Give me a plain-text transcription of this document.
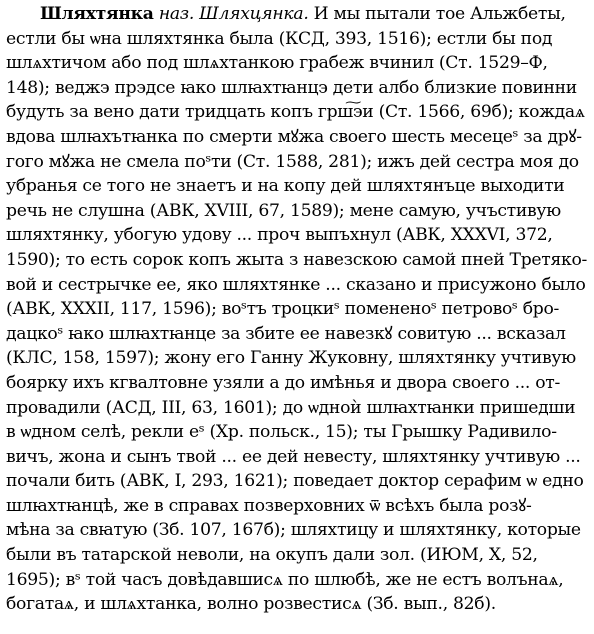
Шляхтянка наз. Шляхцянка. И мы пытали тое Альжбеты,
естли бы ѡна шляхтянка была (КСД, 393, 1516); естли бы под
шлѧхтичом або под шлѧхтанкою грабеж вчинил (Ст. 1529–Ф,
148); веджэ прэдсе ꙗко шлꙗхтꙗнцэ дети албо близкие повинни
будуть за вено дати тридцать копъ грш͠эи (Ст. 1566, 69б); кождаѧ
вдова шлꙗхътꙗнка по смерти мꙋжа своего шесть месецеˢ за дрꙋ-
гого мꙋжа не смела поˢти (Ст. 1588, 281); ижъ дей сестра моя до
убранья се того не знаетъ и на копу дей шляхтянъце выходити
речь не слушна (АВК, XVIII, 67, 1589); мене самую, учъстивую
шляхтянку, убогую удову ... проч выпъхнул (АВК, XXXVI, 372,
1590); то есть сорок копъ жыта з навезскою самой пней Третяко-
вой и сестрычке ее, яко шляхтянке ... сказано и присужоно было
(АВК, XXXII, 117, 1596); воˢтъ троцкиˢ помененоˢ петровоˢ бро-
дацкоˢ ꙗко шлꙗхтꙗнце за збите ее навезкꙋ совитую ... всказал
(КЛС, 158, 1597); жону его Ганну Жуковну, шляхтянку учтивую
боярку ихъ кгвалтовне узяли а до имѣнья и двора своего ... от-
провадили (АСД, III, 63, 1601); до ѡдноѝ шлꙗхтꙗнки пришедши
в ѡдном селѣ, рекли еˢ (Хр. польск., 15); ты Грышку Радивило-
вичъ, жона и сынъ твой ... ее дей невесту, шляхтянку учтивую ...
почали бить (АВК, I, 293, 1621); поведает доктор серафим ѡ едно
шлꙗхтꙗнцѣ, же в справах позверховних ѿ всѣхъ была розꙋ-
мѣна за свꙗтую (Зб. 107, 167б); шляхтицу и шляхтянку, которые
были въ татарской неволи, на окупъ дали зол. (ИЮМ, X, 52,
1695); вˢ той часъ довѣдавшисѧ по шлюбѣ, же не естъ волънаѧ,
богатаѧ, и шлѧхтанка, волно розвестисѧ (Зб. вып., 82б).
